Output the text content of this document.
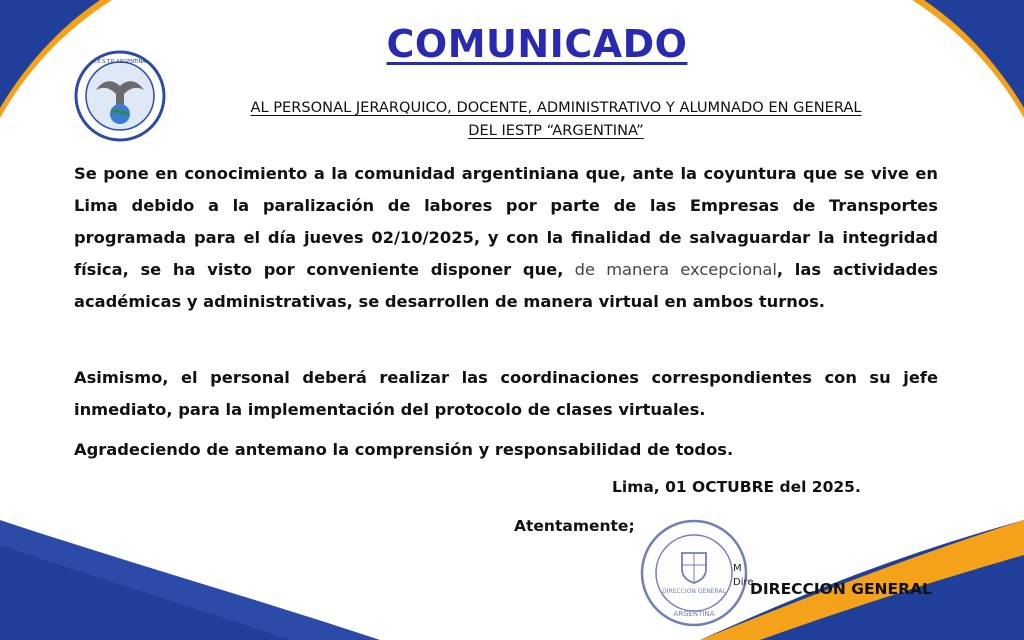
COMUNICADO
I.E.S.T.P. ARGENTINA
AL PERSONAL JERARQUICO, DOCENTE, ADMINISTRATIVO Y ALUMNADO EN GENERAL
DEL IESTP “ARGENTINA”

Se pone en conocimiento a la comunidad argentiniana que, ante la coyuntura que se vive en Lima debido a la paralización de labores por parte de las Empresas de Transportes programada para el día jueves 02/10/2025, y con la finalidad de salvaguardar la integridad física, se ha visto por conveniente disponer que, de manera excepcional, las actividades académicas y administrativas, se desarrollen de manera virtual en ambos turnos.

Asimismo, el personal deberá realizar las coordinaciones correspondientes con su jefe inmediato, para la implementación del protocolo de clases virtuales.

Agradeciendo de antemano la comprensión y responsabilidad de todos.

Lima, 01 OCTUBRE del 2025.
Atentamente;
DIRECCION GENERAL
ARGENTINA
M
Dire
DIRECCION GENERAL
